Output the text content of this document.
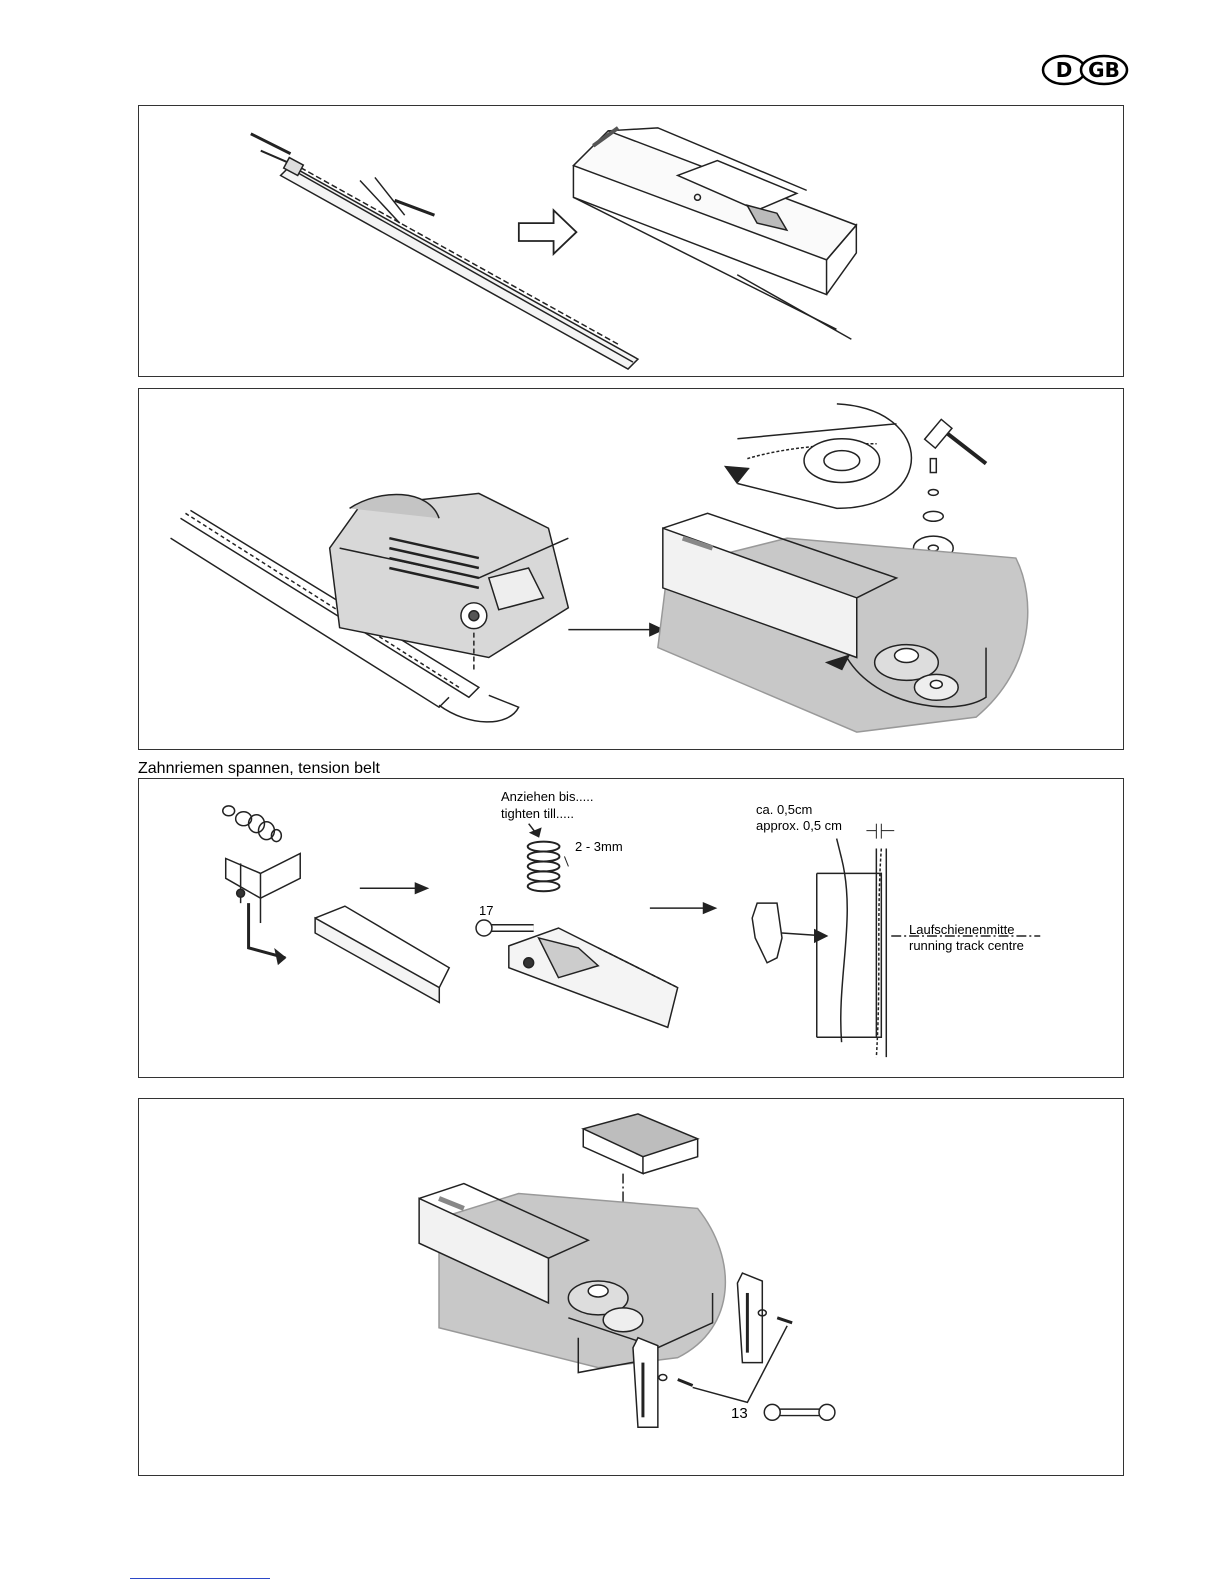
D GB
Zahnriemen spannen, tension belt
Anziehen bis.....
tighten till.....
2 - 3mm
17
ca. 0,5cm
approx. 0,5 cm
Laufschienenmitte
running track centre
13
